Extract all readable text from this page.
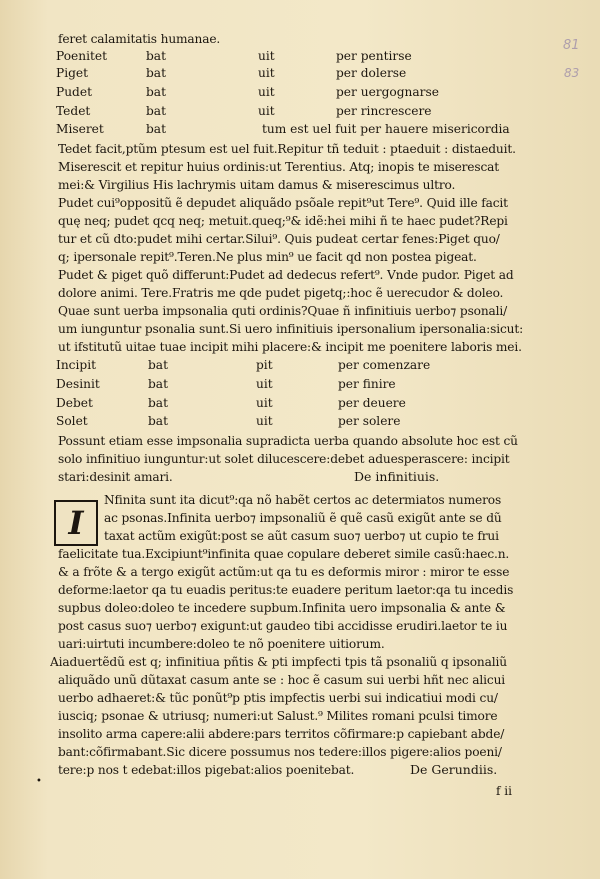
81
83
feret calamitatis humanae.
Poenitet	bat	uit	per pentirse
Piget	bat	uit	per dolerse
Pudet	bat	uit	per uergognarse
Tedet	bat	uit	per rincrescere
Miseret	bat	tum est uel fuit per hauere misericordia
Tedet facit,ptũm ptesum est uel fuit.Repitur tñ teduit : ptaeduit : distaeduit.
Miserescit et repitur huius ordinis:ut Terentius. Atq; inopis te miserescat
mei:& Virgilius His lachrymis uitam damus & miserescimus ultro.
Pudet cui⁹oppositũ ẽ depudet aliquãdo psõale repit⁹ut Tere⁹. Quid ille facit
quę neq; pudet qcq neq; metuit.queq;⁹& idẽ:hei mihi ñ te haec pudet?Repi
tur et cũ dto:pudet mihi certar.Silui⁹. Quis pudeat certar fenes:Piget quo/
q; ipersonale repit⁹.Teren.Ne plus min⁹ ue facit qd non postea pigeat.
Pudet & piget quõ differunt:Pudet ad dedecus refert⁹. Vnde pudor. Piget ad
dolore animi. Tere.Fratris me qde pudet pigetq;:hoc ẽ uerecudor & doleo.
Quae sunt uerba impsonalia quti ordinis?Quae ñ infinitiuis uerbo⁊ psonali/
um iunguntur psonalia sunt.Si uero infinitiuis ipersonalium ipersonalia:sicut:
ut ifstitutũ uitae tuae incipit mihi placere:& incipit me poenitere laboris mei.
Incipit	bat	pit	per comenzare
Desinit	bat	uit	per finire
Debet	bat	uit	per deuere
Solet	bat	uit	per solere
Possunt etiam esse impsonalia supradicta uerba quando absolute hoc est cũ
solo infinitiuo iunguntur:ut solet dilucescere:debet aduesperascere: incipit
stari:desinit amari.	De infinitiuis.
I
Nfinita sunt ita dicut⁹:qa nõ habẽt certos ac determiatos numeros
ac psonas.Infinita uerbo⁊ impsonaliũ ẽ quẽ casũ exigũt ante se dũ
taxat actũm exigũt:post se aũt casum suo⁊ uerbo⁊ ut cupio te frui
faelicitate tua.Excipiunt⁹infinita quae copulare deberet simile casũ:haec.n.
& a frõte & a tergo exigũt actũm:ut qa tu es deformis miror : miror te esse
deforme:laetor qa tu euadis peritus:te euadere peritum laetor:qa tu incedis
supbus doleo:doleo te incedere supbum.Infinita uero impsonalia & ante &
post casus suo⁊ uerbo⁊ exigunt:ut gaudeo tibi accidisse erudiri.laetor te iu
uari:uirtuti incumbere:doleo te nõ poenitere uitiorum.
Aiaduertẽdũ est q; infinitiua pñtis & pti impfecti tpis tã psonaliũ q ipsonaliũ
aliquãdo unũ dũtaxat casum ante se : hoc ẽ casum sui uerbi hñt nec alicui
uerbo adhaeret:& tũc ponũt⁹p ptis impfectis uerbi sui indicatiui modi cu/
iusciq; psonae & utriusq; numeri:ut Salust.⁹ Milites romani pculsi timore
insolito arma capere:alii abdere:pars territos cõfirmare:p capiebant abde/
bant:cõfirmabant.Sic dicere possumus nos tedere:illos pigere:alios poeni/
tere:p nos t edebat:illos pigebat:alios poenitebat.	De Gerundiis.
f ii
•
